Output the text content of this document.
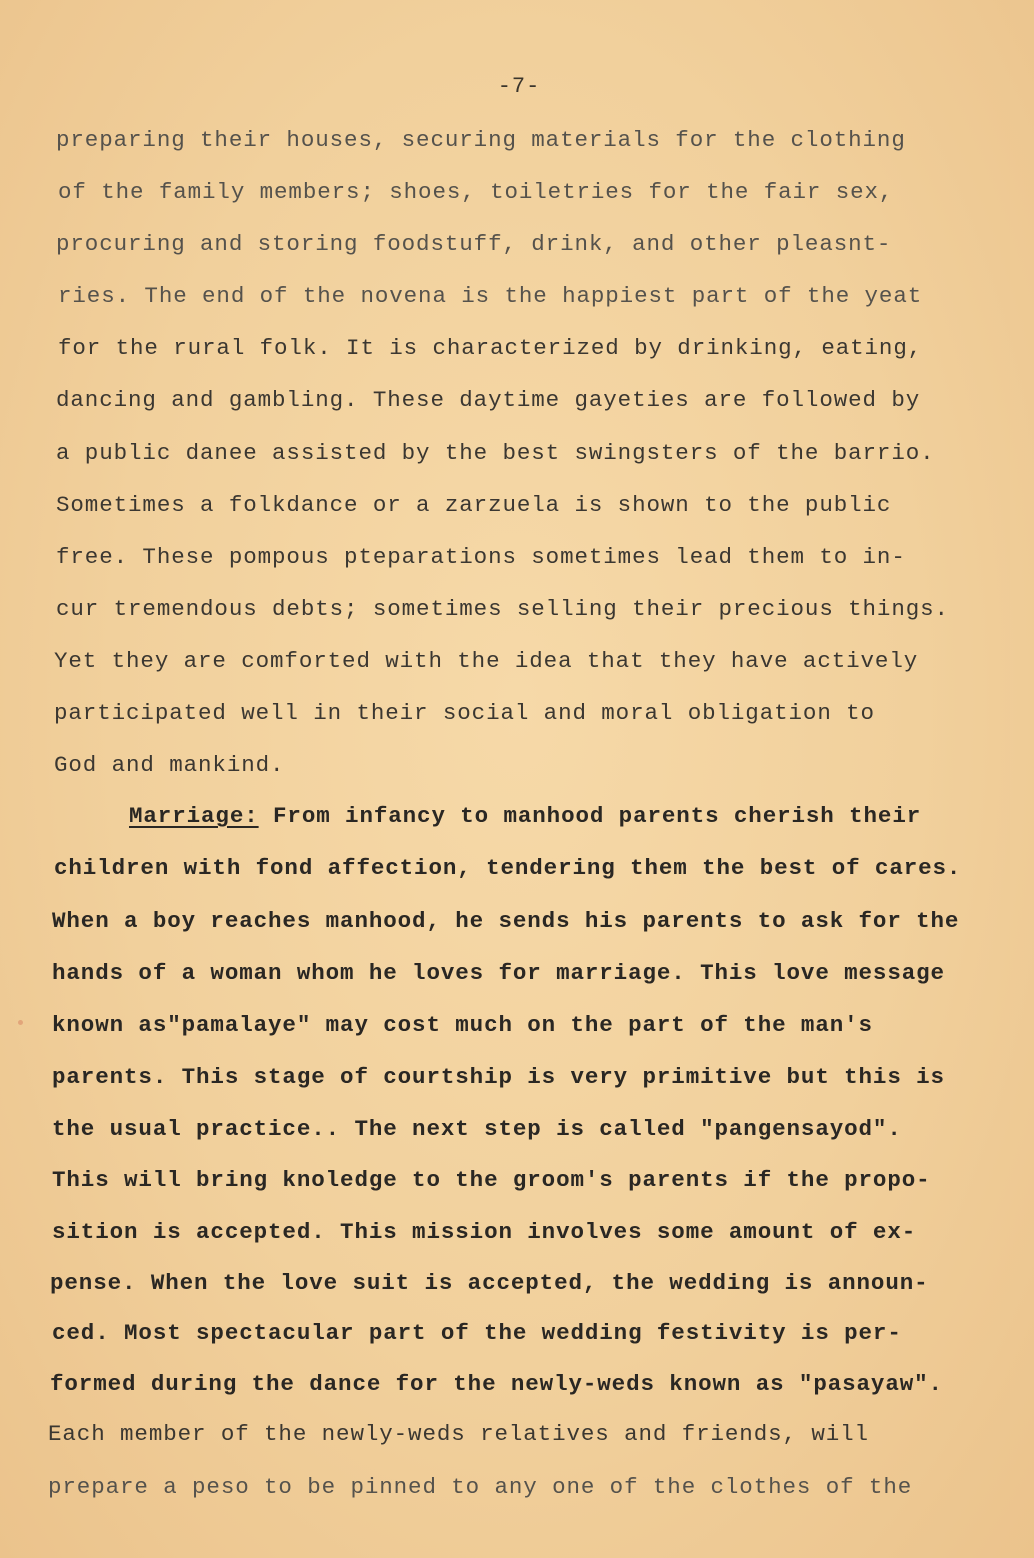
-7-
preparing their houses, securing materials for the clothing
of the family members; shoes, toiletries for the fair sex,
procuring and storing foodstuff, drink, and other pleasnt-
ries. The end of the novena is the happiest part of the yeat
for the rural folk. It is characterized by drinking, eating,
dancing and gambling. These daytime gayeties are followed by
a public danee assisted by the best swingsters of the barrio.
Sometimes a folkdance or a zarzuela is shown to the public
free. These pompous pteparations sometimes lead them to in-
cur tremendous debts; sometimes selling their precious things.
Yet they are comforted with the idea that they have actively
participated well in their social and moral obligation to
God and mankind.
Marriage: From infancy to manhood parents cherish their
children with fond affection, tendering them the best of cares.
When a boy reaches manhood, he sends his parents to ask for the
hands of a woman whom he loves for marriage. This love message
known as"pamalaye" may cost much on the part of the man's
parents. This stage of courtship is very primitive but this is
the usual practice.. The next step is called "pangensayod".
This will bring knoledge to the groom's parents if the propo-
sition is accepted. This mission involves some amount of ex-
pense. When the love suit is accepted, the wedding is announ-
ced. Most spectacular part of the wedding festivity is per-
formed during the dance for the newly-weds known as "pasayaw".
Each member of the newly-weds relatives and friends, will
prepare a peso to be pinned to any one of the clothes of the
